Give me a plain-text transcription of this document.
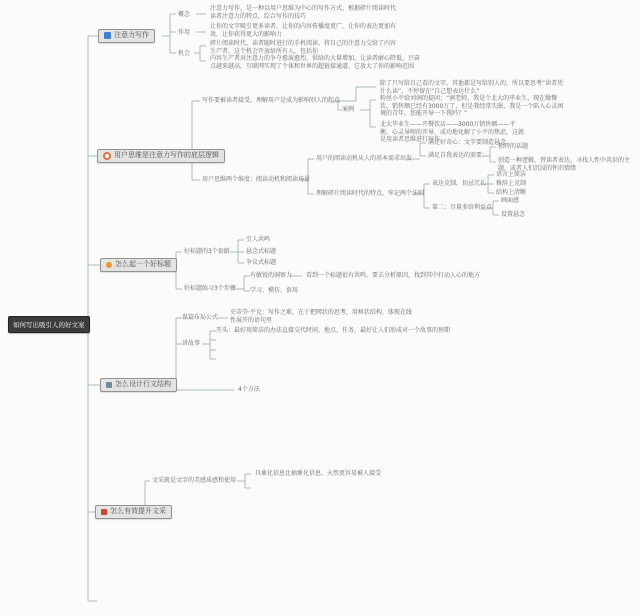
如何写出吸引人的好文案
注意力写作
概念
注意力写作，是一种以用户思维为中心的写作方式，根据碎片阅读时代读者注意力的特点，综合写作的技巧
作用
让你的文字吸引更多读者，让你的内容传播度更广，让你的表达更加有效，让你获得更大的影响力
机会
碎片阅读时代，读者随时进行的手机阅读，将自己的注意力交给了内容生产者，这个机会开放给所有人，包括你
内容生产者对注意力的争夺愈演愈烈，供给的大量增加，让读者耐心降低，兴奋点越来越高，互联网实现了个体和世界的超链接通道，它放大了你的影响范围
用户思维是注意力写作的底层逻辑
写作要被读者接受，理解用户是成为影响别人的起点
除了只写给自己看的文字，其他都是写给别人的，所以要思考“读者凭什么读”，不停留在“自己想表达什么”
案例
粉丝小平给刘润的提问：“润老师，我是个北大的毕业生，现在做餐饮，销售额已经有3000万了，但是我经常失眠，我是一个陷入心灵困境的青年，您能开导一下我吗？”
北大毕业生——开餐饮店——3000万销售额——平衡，心灵导师的开导，成功地化解了小平的焦虑，这就是用读者思维进行写作
用户思维两个维度：阅读动机和阅读场景
用户的阅读动机从人的基本需求出发
满足好奇心：文字要制造悬念
满足自我表达的需要：
独特的话题
创造一种逻辑，替读者表达，寻找人性中共识的主题，或者人们沉浸的怀旧情绪
理解碎片阅读时代的特点，牢记两个法则
表达克制，切忌冗长
语言上简洁
修辞上克制
结构上清晰
第二：尽量多给利益点
画面感
设置悬念
怎么起一个好标题
好标题的3个套路
引人共鸣
悬念式标题
争议式标题
好标题练习3个步骤
有敏锐的洞察力 看到一个标题很有共鸣，要去分析原因，找到其中打动人心的地方
学习、模仿、套用
怎么设计行文结构
谋篇布局公式
史蒂芬·平克：写作之难，在于把网状的思考，用树状结构，体现在线性展开的语句里
讲故事
开头：最好用简洁的办法直接交代时间、地点、任务，最好让人们形成对一个故事的预期
4个方法
怎么有效提升文采
文采就是文字的美感质感和使用
具象化信息比抽象化信息，天然更容易被人接受
